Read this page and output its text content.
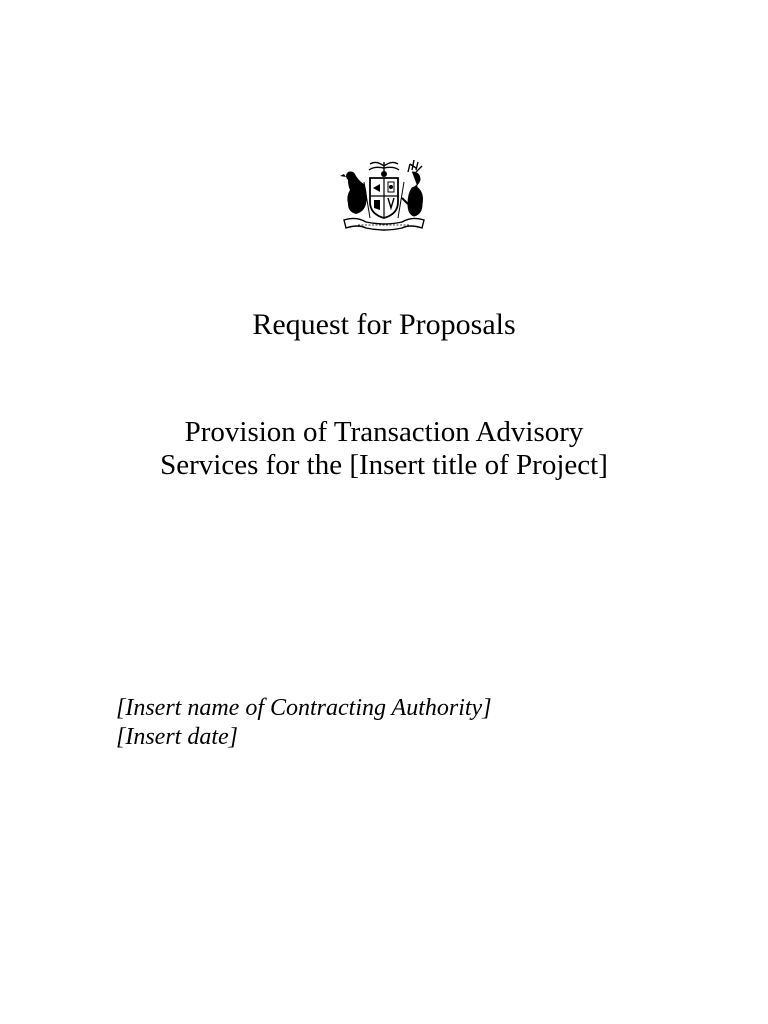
Request for Proposals
Provision of Transaction Advisory
Services for the [Insert title of Project]

[Insert name of Contracting Authority]
[Insert date]
